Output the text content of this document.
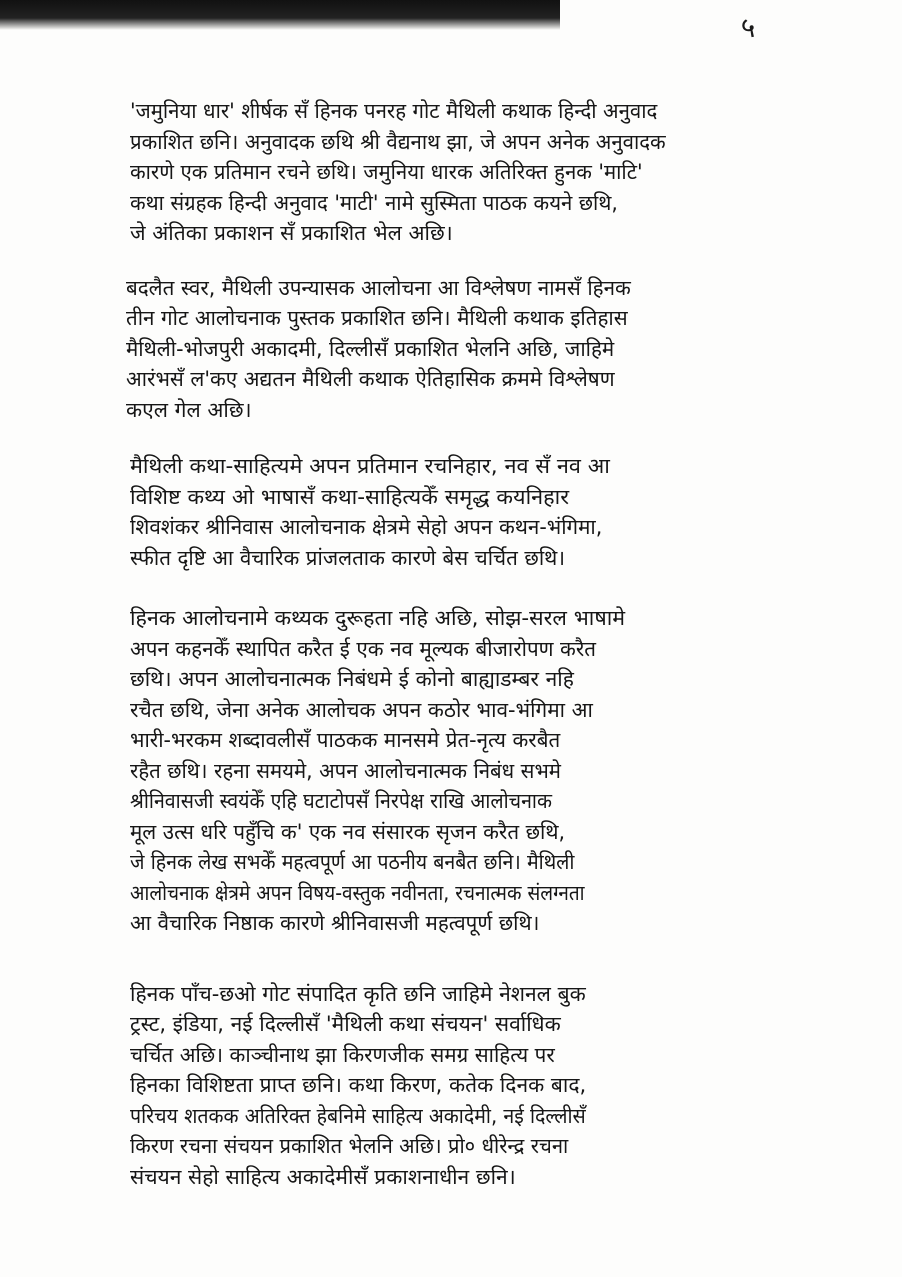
५

'जमुनिया धार' शीर्षक सँ हिनक पनरह गोट मैथिली कथाक हिन्दी अनुवाद
प्रकाशित छनि। अनुवादक छथि श्री वैद्यनाथ झा, जे अपन अनेक अनुवादक
कारणे एक प्रतिमान रचने छथि। जमुनिया धारक अतिरिक्त हुनक 'माटि'
कथा संग्रहक हिन्दी अनुवाद 'माटी' नामे सुस्मिता पाठक कयने छथि,
जे अंतिका प्रकाशन सँ प्रकाशित भेल अछि।

बदलैत स्वर, मैथिली उपन्यासक आलोचना आ विश्लेषण नामसँ हिनक
तीन गोट आलोचनाक पुस्तक प्रकाशित छनि। मैथिली कथाक इतिहास
मैथिली-भोजपुरी अकादमी, दिल्लीसँ प्रकाशित भेलनि अछि, जाहिमे
आरंभसँ ल'कए अद्यतन मैथिली कथाक ऐतिहासिक क्रममे विश्लेषण
कएल गेल अछि।

मैथिली कथा-साहित्यमे अपन प्रतिमान रचनिहार, नव सँ नव आ
विशिष्ट कथ्य ओ भाषासँ कथा-साहित्यकेँ समृद्ध कयनिहार
शिवशंकर श्रीनिवास आलोचनाक क्षेत्रमे सेहो अपन कथन-भंगिमा,
स्फीत दृष्टि आ वैचारिक प्रांजलताक कारणे बेस चर्चित छथि।

हिनक आलोचनामे कथ्यक दुरूहता नहि अछि, सोझ-सरल भाषामे
अपन कहनकेँ स्थापित करैत ई एक नव मूल्यक बीजारोपण करैत
छथि। अपन आलोचनात्मक निबंधमे ई कोनो बाह्याडम्बर नहि
रचैत छथि, जेना अनेक आलोचक अपन कठोर भाव-भंगिमा आ
भारी-भरकम शब्दावलीसँ पाठकक मानसमे प्रेत-नृत्य करबैत
रहैत छथि। रहना समयमे, अपन आलोचनात्मक निबंध सभमे
श्रीनिवासजी स्वयंकेँ एहि घटाटोपसँ निरपेक्ष राखि आलोचनाक
मूल उत्स धरि पहुँचि क' एक नव संसारक सृजन करैत छथि,
जे हिनक लेख सभकेँ महत्वपूर्ण आ पठनीय बनबैत छनि। मैथिली
आलोचनाक क्षेत्रमे अपन विषय-वस्तुक नवीनता, रचनात्मक संलग्नता
आ वैचारिक निष्ठाक कारणे श्रीनिवासजी महत्वपूर्ण छथि।

हिनक पाँच-छओ गोट संपादित कृति छनि जाहिमे नेशनल बुक
ट्रस्ट, इंडिया, नई दिल्लीसँ 'मैथिली कथा संचयन' सर्वाधिक
चर्चित अछि। काञ्चीनाथ झा किरणजीक समग्र साहित्य पर
हिनका विशिष्टता प्राप्त छनि। कथा किरण, कतेक दिनक बाद,
परिचय शतकक अतिरिक्त हेबनिमे साहित्य अकादेमी, नई दिल्लीसँ
किरण रचना संचयन प्रकाशित भेलनि अछि। प्रो० धीरेन्द्र रचना
संचयन सेहो साहित्य अकादेमीसँ प्रकाशनाधीन छनि।
